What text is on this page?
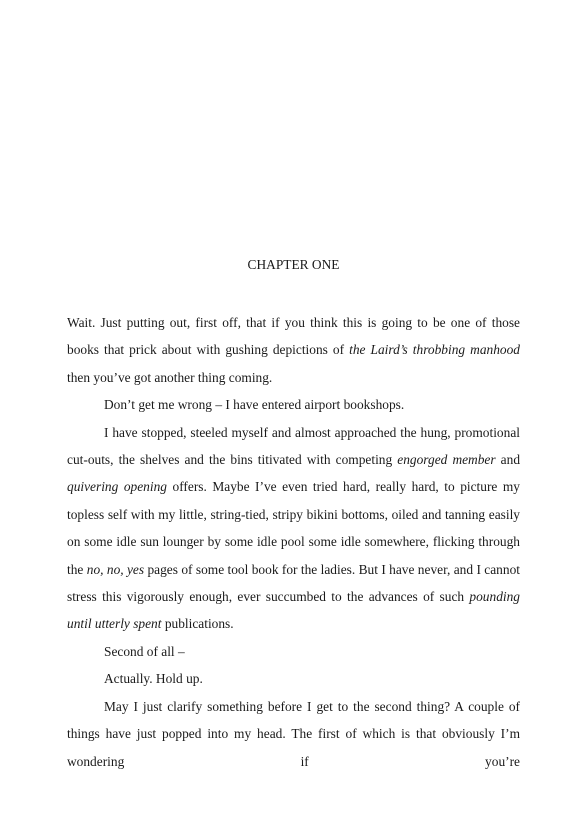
CHAPTER ONE

Wait. Just putting out, first off, that if you think this is going to be one of those books that prick about with gushing depictions of the Laird’s throbbing manhood then you’ve got another thing coming.

Don’t get me wrong – I have entered airport bookshops.

I have stopped, steeled myself and almost approached the hung, promotional cut-outs, the shelves and the bins titivated with competing engorged member and quivering opening offers. Maybe I’ve even tried hard, really hard, to picture my topless self with my little, string-tied, stripy bikini bottoms, oiled and tanning easily on some idle sun lounger by some idle pool some idle somewhere, flicking through the no, no, yes pages of some tool book for the ladies. But I have never, and I cannot stress this vigorously enough, ever succumbed to the advances of such pounding until utterly spent publications.

Second of all –

Actually. Hold up.

May I just clarify something before I get to the second thing? A couple of things have just popped into my head. The first of which is that obviously I’m wondering if you’re
